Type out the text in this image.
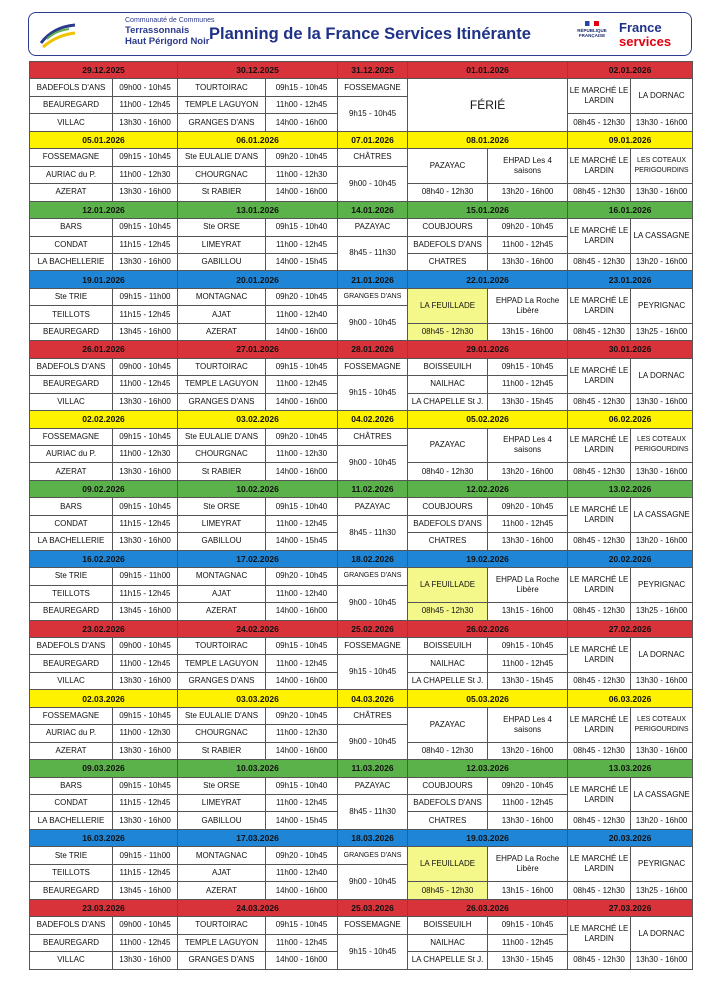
Communauté de Communes
Terrassonnais
Haut Périgord Noir Planning de la France Services Itinérante	RÉPUBLIQUE FRANÇAISE
France
services
29.12.2025		30.12.2025		31.12.2025	01.01.2026		02.01.2026	
BADEFOLS D'ANS	09h00 - 10h45	TOURTOIRAC	09h15 - 10h45	FOSSEMAGNE	FÉRIÉ		LE MARCHÉ LE LARDIN	LA DORNAC
BEAUREGARD	11h00 - 12h45	TEMPLE LAGUYON	11h00 - 12h45	9h15 - 10h45				
VILLAC	13h30 - 16h00	GRANGES D'ANS	14h00 - 16h00				08h45 - 12h30	13h30 - 16h00
05.01.2026		06.01.2026		07.01.2026	08.01.2026		09.01.2026	
FOSSEMAGNE	09h15 - 10h45	Ste EULALIE D'ANS	09h20 - 10h45	CHÂTRES	PAZAYAC	EHPAD Les 4 saisons	LE MARCHÉ LE LARDIN	LES COTEAUX PERIGOURDINS
AURIAC du P.	11h00 - 12h30	CHOURGNAC	11h00 - 12h30	9h00 - 10h45				
AZERAT	13h30 - 16h00	St RABIER	14h00 - 16h00		08h40 - 12h30	13h20 - 16h00	08h45 - 12h30	13h30 - 16h00
12.01.2026		13.01.2026		14.01.2026	15.01.2026		16.01.2026	
BARS	09h15 - 10h45	Ste ORSE	09h15 - 10h40	PAZAYAC	COUBJOURS	09h20 - 10h45	LE MARCHÉ LE LARDIN	LA CASSAGNE
CONDAT	11h15 - 12h45	LIMEYRAT	11h00 - 12h45	8h45 - 11h30	BADEFOLS D'ANS	11h00 - 12h45		
LA BACHELLERIE	13h30 - 16h00	GABILLOU	14h00 - 15h45		CHATRES	13h30 - 16h00	08h45 - 12h30	13h20 - 16h00
19.01.2026		20.01.2026		21.01.2026	22.01.2026		23.01.2026	
Ste TRIE	09h15 - 11h00	MONTAGNAC	09h20 - 10h45	GRANGES D'ANS	LA FEUILLADE	EHPAD La Roche Libère	LE MARCHÉ LE LARDIN	PEYRIGNAC
TEILLOTS	11h15 - 12h45	AJAT	11h00 - 12h40	9h00 - 10h45				
BEAUREGARD	13h45 - 16h00	AZERAT	14h00 - 16h00		08h45 - 12h30	13h15 - 16h00	08h45 - 12h30	13h25 - 16h00
26.01.2026		27.01.2026		28.01.2026	29.01.2026		30.01.2026	
BADEFOLS D'ANS	09h00 - 10h45	TOURTOIRAC	09h15 - 10h45	FOSSEMAGNE	BOISSEUILH	09h15 - 10h45	LE MARCHÉ LE LARDIN	LA DORNAC
BEAUREGARD	11h00 - 12h45	TEMPLE LAGUYON	11h00 - 12h45	9h15 - 10h45	NAILHAC	11h00 - 12h45		
VILLAC	13h30 - 16h00	GRANGES D'ANS	14h00 - 16h00		LA CHAPELLE St J.	13h30 - 15h45	08h45 - 12h30	13h30 - 16h00
02.02.2026		03.02.2026		04.02.2026	05.02.2026		06.02.2026	
FOSSEMAGNE	09h15 - 10h45	Ste EULALIE D'ANS	09h20 - 10h45	CHÂTRES	PAZAYAC	EHPAD Les 4 saisons	LE MARCHÉ LE LARDIN	LES COTEAUX PERIGOURDINS
AURIAC du P.	11h00 - 12h30	CHOURGNAC	11h00 - 12h30	9h00 - 10h45				
AZERAT	13h30 - 16h00	St RABIER	14h00 - 16h00		08h40 - 12h30	13h20 - 16h00	08h45 - 12h30	13h30 - 16h00
09.02.2026		10.02.2026		11.02.2026	12.02.2026		13.02.2026	
BARS	09h15 - 10h45	Ste ORSE	09h15 - 10h40	PAZAYAC	COUBJOURS	09h20 - 10h45	LE MARCHÉ LE LARDIN	LA CASSAGNE
CONDAT	11h15 - 12h45	LIMEYRAT	11h00 - 12h45	8h45 - 11h30	BADEFOLS D'ANS	11h00 - 12h45		
LA BACHELLERIE	13h30 - 16h00	GABILLOU	14h00 - 15h45		CHATRES	13h30 - 16h00	08h45 - 12h30	13h20 - 16h00
16.02.2026		17.02.2026		18.02.2026	19.02.2026		20.02.2026	
Ste TRIE	09h15 - 11h00	MONTAGNAC	09h20 - 10h45	GRANGES D'ANS	LA FEUILLADE	EHPAD La Roche Libère	LE MARCHÉ LE LARDIN	PEYRIGNAC
TEILLOTS	11h15 - 12h45	AJAT	11h00 - 12h40	9h00 - 10h45				
BEAUREGARD	13h45 - 16h00	AZERAT	14h00 - 16h00		08h45 - 12h30	13h15 - 16h00	08h45 - 12h30	13h25 - 16h00
23.02.2026		24.02.2026		25.02.2026	26.02.2026		27.02.2026	
BADEFOLS D'ANS	09h00 - 10h45	TOURTOIRAC	09h15 - 10h45	FOSSEMAGNE	BOISSEUILH	09h15 - 10h45	LE MARCHÉ LE LARDIN	LA DORNAC
BEAUREGARD	11h00 - 12h45	TEMPLE LAGUYON	11h00 - 12h45	9h15 - 10h45	NAILHAC	11h00 - 12h45		
VILLAC	13h30 - 16h00	GRANGES D'ANS	14h00 - 16h00		LA CHAPELLE St J.	13h30 - 15h45	08h45 - 12h30	13h30 - 16h00
02.03.2026		03.03.2026		04.03.2026	05.03.2026		06.03.2026	
FOSSEMAGNE	09h15 - 10h45	Ste EULALIE D'ANS	09h20 - 10h45	CHÂTRES	PAZAYAC	EHPAD Les 4 saisons	LE MARCHÉ LE LARDIN	LES COTEAUX PERIGOURDINS
AURIAC du P.	11h00 - 12h30	CHOURGNAC	11h00 - 12h30	9h00 - 10h45				
AZERAT	13h30 - 16h00	St RABIER	14h00 - 16h00		08h40 - 12h30	13h20 - 16h00	08h45 - 12h30	13h30 - 16h00
09.03.2026		10.03.2026		11.03.2026	12.03.2026		13.03.2026	
BARS	09h15 - 10h45	Ste ORSE	09h15 - 10h40	PAZAYAC	COUBJOURS	09h20 - 10h45	LE MARCHÉ LE LARDIN	LA CASSAGNE
CONDAT	11h15 - 12h45	LIMEYRAT	11h00 - 12h45	8h45 - 11h30	BADEFOLS D'ANS	11h00 - 12h45		
LA BACHELLERIE	13h30 - 16h00	GABILLOU	14h00 - 15h45		CHATRES	13h30 - 16h00	08h45 - 12h30	13h20 - 16h00
16.03.2026		17.03.2026		18.03.2026	19.03.2026		20.03.2026	
Ste TRIE	09h15 - 11h00	MONTAGNAC	09h20 - 10h45	GRANGES D'ANS	LA FEUILLADE	EHPAD La Roche Libère	LE MARCHÉ LE LARDIN	PEYRIGNAC
TEILLOTS	11h15 - 12h45	AJAT	11h00 - 12h40	9h00 - 10h45				
BEAUREGARD	13h45 - 16h00	AZERAT	14h00 - 16h00		08h45 - 12h30	13h15 - 16h00	08h45 - 12h30	13h25 - 16h00
23.03.2026		24.03.2026		25.03.2026	26.03.2026		27.03.2026	
BADEFOLS D'ANS	09h00 - 10h45	TOURTOIRAC	09h15 - 10h45	FOSSEMAGNE	BOISSEUILH	09h15 - 10h45	LE MARCHÉ LE LARDIN	LA DORNAC
BEAUREGARD	11h00 - 12h45	TEMPLE LAGUYON	11h00 - 12h45	9h15 - 10h45	NAILHAC	11h00 - 12h45		
VILLAC	13h30 - 16h00	GRANGES D'ANS	14h00 - 16h00		LA CHAPELLE St J.	13h30 - 15h45	08h45 - 12h30	13h30 - 16h00
